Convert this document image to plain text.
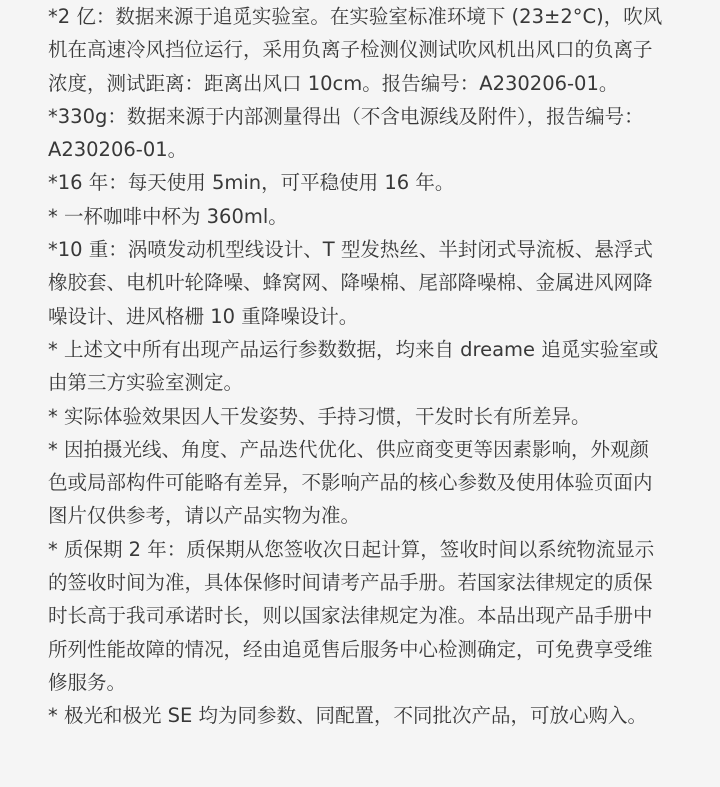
*2 亿：数据来源于追觅实验室。在实验室标准环境下 (23±2°C)，吹风
机在高速冷风挡位运行，采用负离子检测仪测试吹风机出风口的负离子
浓度，测试距离：距离出风口 10cm。报告编号：A230206-01。

*330g：数据来源于内部测量得出（不含电源线及附件），报告编号：
A230206-01。

*16 年：每天使用 5min，可平稳使用 16 年。

* 一杯咖啡中杯为 360ml。

*10 重：涡喷发动机型线设计、T 型发热丝、半封闭式导流板、悬浮式
橡胶套、电机叶轮降噪、蜂窝网、降噪棉、尾部降噪棉、金属进风网降
噪设计、进风格栅 10 重降噪设计。

* 上述文中所有出现产品运行参数数据，均来自 dreame 追觅实验室或
由第三方实验室测定。

* 实际体验效果因人干发姿势、手持习惯，干发时长有所差异。

* 因拍摄光线、角度、产品迭代优化、供应商变更等因素影响，外观颜
色或局部构件可能略有差异，不影响产品的核心参数及使用体验页面内
图片仅供参考，请以产品实物为准。

* 质保期 2 年：质保期从您签收次日起计算，签收时间以系统物流显示
的签收时间为准，具体保修时间请考产品手册。若国家法律规定的质保
时长高于我司承诺时长，则以国家法律规定为准。本品出现产品手册中
所列性能故障的情况，经由追觅售后服务中心检测确定，可免费享受维
修服务。

* 极光和极光 SE 均为同参数、同配置，不同批次产品，可放心购入。
